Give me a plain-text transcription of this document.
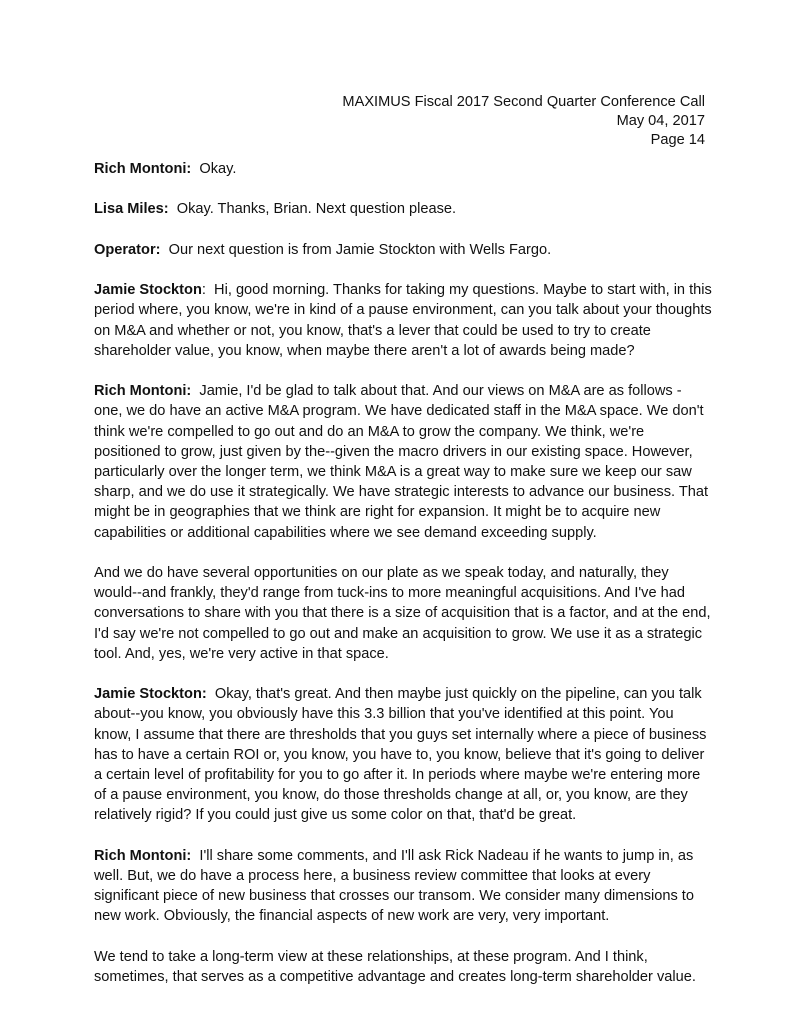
MAXIMUS Fiscal 2017 Second Quarter Conference Call
May 04, 2017
Page 14

Rich Montoni: Okay.

Lisa Miles: Okay. Thanks, Brian. Next question please.

Operator: Our next question is from Jamie Stockton with Wells Fargo.

Jamie Stockton:  Hi, good morning. Thanks for taking my questions. Maybe to start with, in this period where, you know, we're in kind of a pause environment, can you talk about your thoughts on M&A and whether or not, you know, that's a lever that could be used to try to create shareholder value, you know, when maybe there aren't a lot of awards being made?

Rich Montoni: Jamie, I'd be glad to talk about that. And our views on M&A are as follows - one, we do have an active M&A program. We have dedicated staff in the M&A space. We don't think we're compelled to go out and do an M&A to grow the company. We think, we're positioned to grow, just given by the--given the macro drivers in our existing space. However, particularly over the longer term, we think M&A is a great way to make sure we keep our saw sharp, and we do use it strategically. We have strategic interests to advance our business. That might be in geographies that we think are right for expansion. It might be to acquire new capabilities or additional capabilities where we see demand exceeding supply.

And we do have several opportunities on our plate as we speak today, and naturally, they would--and frankly, they'd range from tuck-ins to more meaningful acquisitions. And I've had conversations to share with you that there is a size of acquisition that is a factor, and at the end, I'd say we're not compelled to go out and make an acquisition to grow. We use it as a strategic tool. And, yes, we're very active in that space.

Jamie Stockton: Okay, that's great. And then maybe just quickly on the pipeline, can you talk about--you know, you obviously have this 3.3 billion that you've identified at this point. You know, I assume that there are thresholds that you guys set internally where a piece of business has to have a certain ROI or, you know, you have to, you know, believe that it's going to deliver a certain level of profitability for you to go after it. In periods where maybe we're entering more of a pause environment, you know, do those thresholds change at all, or, you know, are they relatively rigid? If you could just give us some color on that, that'd be great.

Rich Montoni: I'll share some comments, and I'll ask Rick Nadeau if he wants to jump in, as well. But, we do have a process here, a business review committee that looks at every significant piece of new business that crosses our transom. We consider many dimensions to new work. Obviously, the financial aspects of new work are very, very important.

We tend to take a long-term view at these relationships, at these program. And I think, sometimes, that serves as a competitive advantage and creates long-term shareholder value.
